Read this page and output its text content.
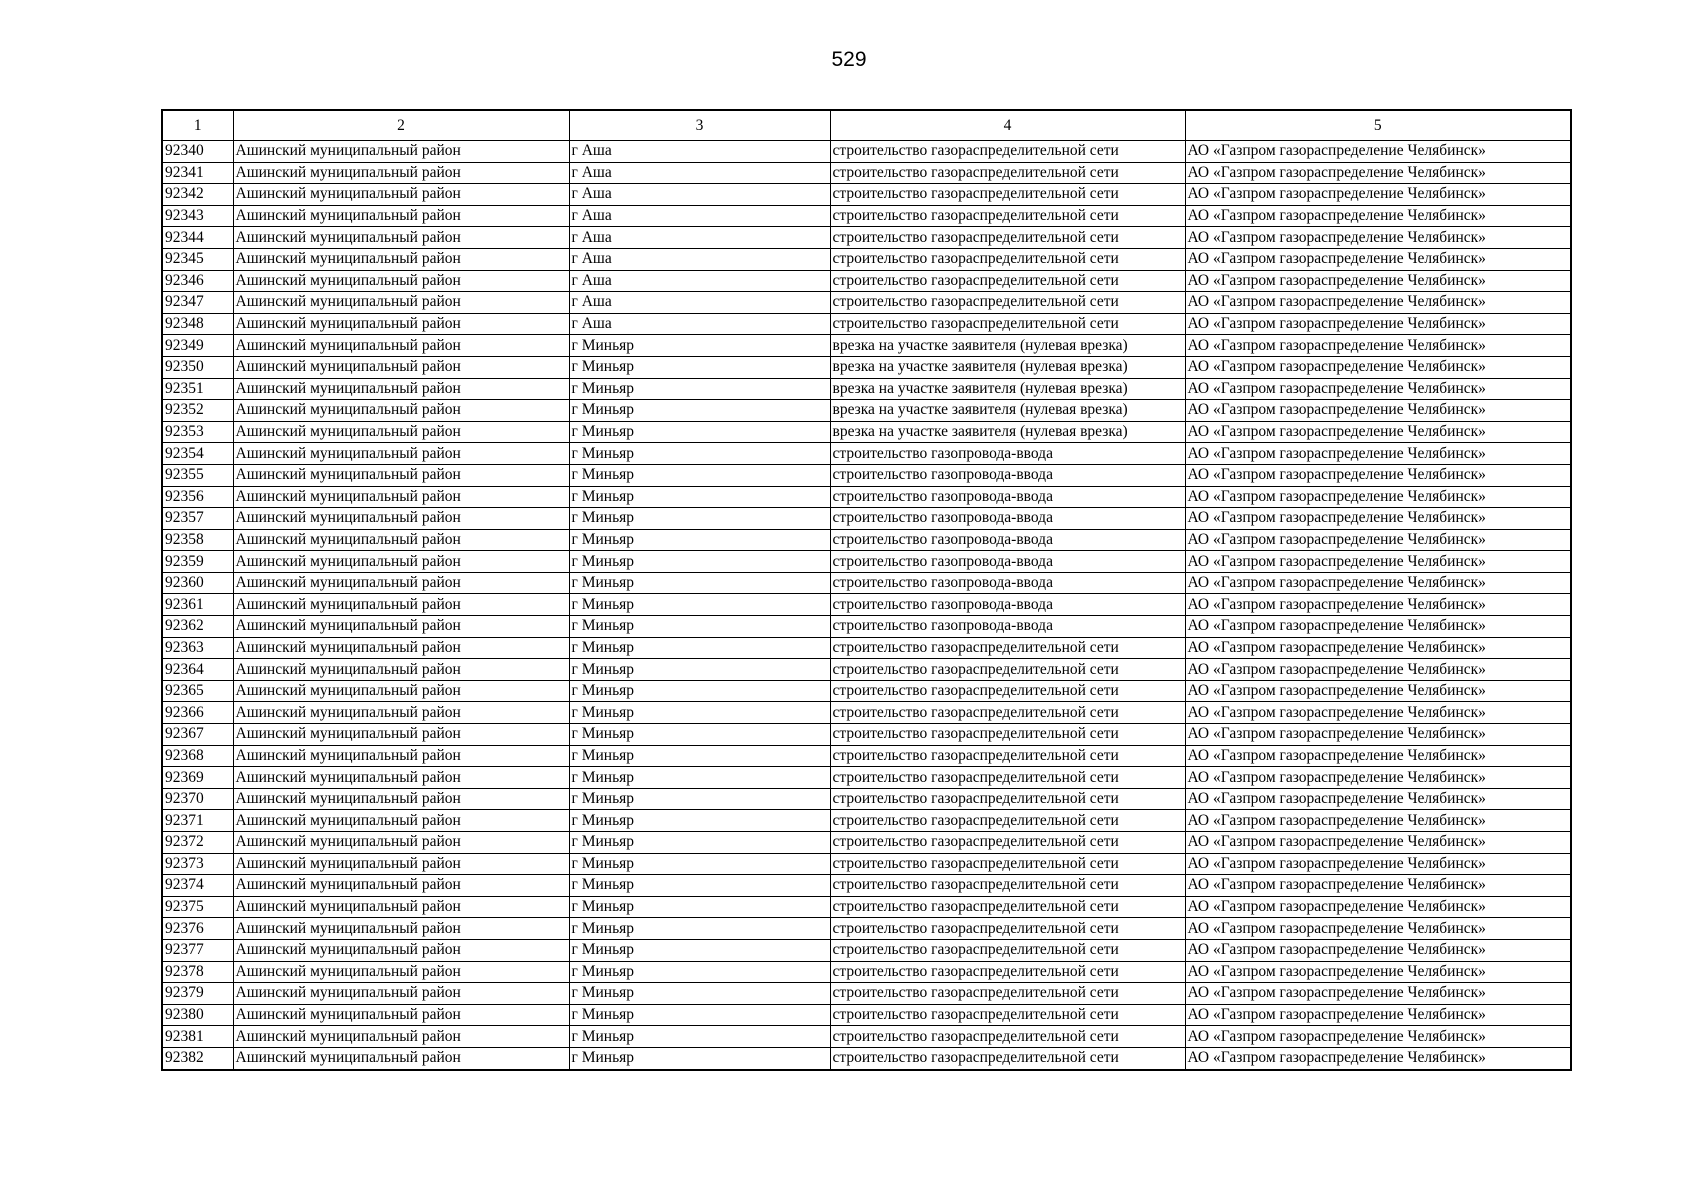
529
1	2	3	4	5
92340	Ашинский муниципальный район	г Аша	строительство газораспределительной сети	АО «Газпром газораспределение Челябинск»
92341	Ашинский муниципальный район	г Аша	строительство газораспределительной сети	АО «Газпром газораспределение Челябинск»
92342	Ашинский муниципальный район	г Аша	строительство газораспределительной сети	АО «Газпром газораспределение Челябинск»
92343	Ашинский муниципальный район	г Аша	строительство газораспределительной сети	АО «Газпром газораспределение Челябинск»
92344	Ашинский муниципальный район	г Аша	строительство газораспределительной сети	АО «Газпром газораспределение Челябинск»
92345	Ашинский муниципальный район	г Аша	строительство газораспределительной сети	АО «Газпром газораспределение Челябинск»
92346	Ашинский муниципальный район	г Аша	строительство газораспределительной сети	АО «Газпром газораспределение Челябинск»
92347	Ашинский муниципальный район	г Аша	строительство газораспределительной сети	АО «Газпром газораспределение Челябинск»
92348	Ашинский муниципальный район	г Аша	строительство газораспределительной сети	АО «Газпром газораспределение Челябинск»
92349	Ашинский муниципальный район	г Миньяр	врезка на участке заявителя (нулевая врезка)	АО «Газпром газораспределение Челябинск»
92350	Ашинский муниципальный район	г Миньяр	врезка на участке заявителя (нулевая врезка)	АО «Газпром газораспределение Челябинск»
92351	Ашинский муниципальный район	г Миньяр	врезка на участке заявителя (нулевая врезка)	АО «Газпром газораспределение Челябинск»
92352	Ашинский муниципальный район	г Миньяр	врезка на участке заявителя (нулевая врезка)	АО «Газпром газораспределение Челябинск»
92353	Ашинский муниципальный район	г Миньяр	врезка на участке заявителя (нулевая врезка)	АО «Газпром газораспределение Челябинск»
92354	Ашинский муниципальный район	г Миньяр	строительство газопровода-ввода	АО «Газпром газораспределение Челябинск»
92355	Ашинский муниципальный район	г Миньяр	строительство газопровода-ввода	АО «Газпром газораспределение Челябинск»
92356	Ашинский муниципальный район	г Миньяр	строительство газопровода-ввода	АО «Газпром газораспределение Челябинск»
92357	Ашинский муниципальный район	г Миньяр	строительство газопровода-ввода	АО «Газпром газораспределение Челябинск»
92358	Ашинский муниципальный район	г Миньяр	строительство газопровода-ввода	АО «Газпром газораспределение Челябинск»
92359	Ашинский муниципальный район	г Миньяр	строительство газопровода-ввода	АО «Газпром газораспределение Челябинск»
92360	Ашинский муниципальный район	г Миньяр	строительство газопровода-ввода	АО «Газпром газораспределение Челябинск»
92361	Ашинский муниципальный район	г Миньяр	строительство газопровода-ввода	АО «Газпром газораспределение Челябинск»
92362	Ашинский муниципальный район	г Миньяр	строительство газопровода-ввода	АО «Газпром газораспределение Челябинск»
92363	Ашинский муниципальный район	г Миньяр	строительство газораспределительной сети	АО «Газпром газораспределение Челябинск»
92364	Ашинский муниципальный район	г Миньяр	строительство газораспределительной сети	АО «Газпром газораспределение Челябинск»
92365	Ашинский муниципальный район	г Миньяр	строительство газораспределительной сети	АО «Газпром газораспределение Челябинск»
92366	Ашинский муниципальный район	г Миньяр	строительство газораспределительной сети	АО «Газпром газораспределение Челябинск»
92367	Ашинский муниципальный район	г Миньяр	строительство газораспределительной сети	АО «Газпром газораспределение Челябинск»
92368	Ашинский муниципальный район	г Миньяр	строительство газораспределительной сети	АО «Газпром газораспределение Челябинск»
92369	Ашинский муниципальный район	г Миньяр	строительство газораспределительной сети	АО «Газпром газораспределение Челябинск»
92370	Ашинский муниципальный район	г Миньяр	строительство газораспределительной сети	АО «Газпром газораспределение Челябинск»
92371	Ашинский муниципальный район	г Миньяр	строительство газораспределительной сети	АО «Газпром газораспределение Челябинск»
92372	Ашинский муниципальный район	г Миньяр	строительство газораспределительной сети	АО «Газпром газораспределение Челябинск»
92373	Ашинский муниципальный район	г Миньяр	строительство газораспределительной сети	АО «Газпром газораспределение Челябинск»
92374	Ашинский муниципальный район	г Миньяр	строительство газораспределительной сети	АО «Газпром газораспределение Челябинск»
92375	Ашинский муниципальный район	г Миньяр	строительство газораспределительной сети	АО «Газпром газораспределение Челябинск»
92376	Ашинский муниципальный район	г Миньяр	строительство газораспределительной сети	АО «Газпром газораспределение Челябинск»
92377	Ашинский муниципальный район	г Миньяр	строительство газораспределительной сети	АО «Газпром газораспределение Челябинск»
92378	Ашинский муниципальный район	г Миньяр	строительство газораспределительной сети	АО «Газпром газораспределение Челябинск»
92379	Ашинский муниципальный район	г Миньяр	строительство газораспределительной сети	АО «Газпром газораспределение Челябинск»
92380	Ашинский муниципальный район	г Миньяр	строительство газораспределительной сети	АО «Газпром газораспределение Челябинск»
92381	Ашинский муниципальный район	г Миньяр	строительство газораспределительной сети	АО «Газпром газораспределение Челябинск»
92382	Ашинский муниципальный район	г Миньяр	строительство газораспределительной сети	АО «Газпром газораспределение Челябинск»
